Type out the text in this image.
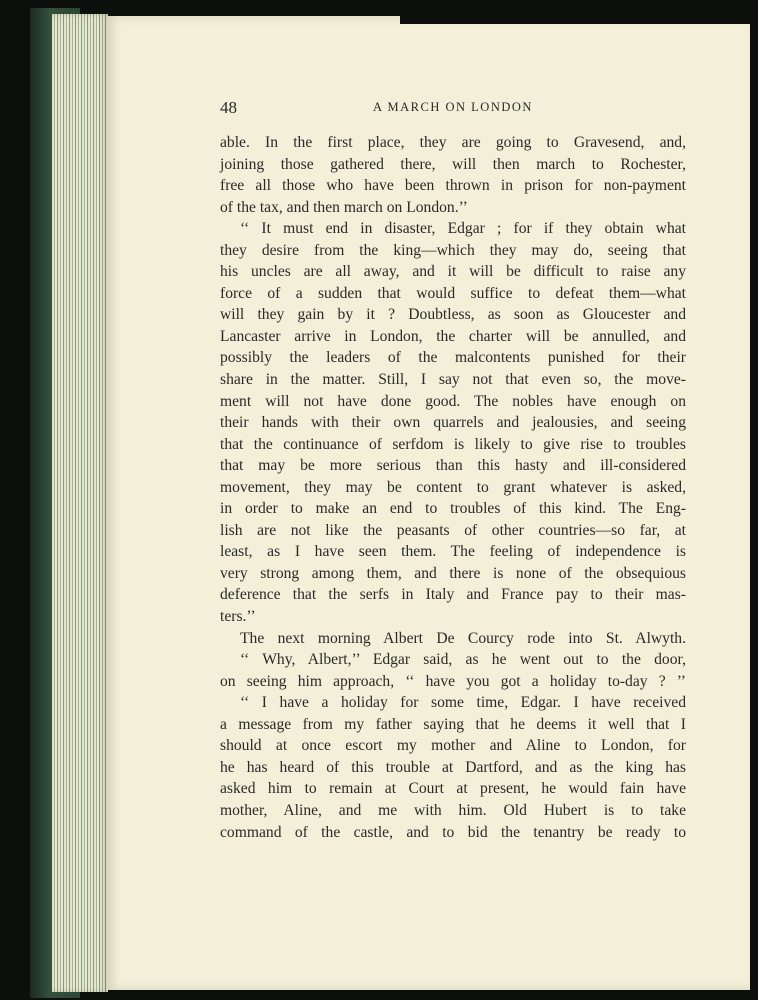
48	A MARCH ON LONDON
able. In the first place, they are going to Gravesend, and,
joining those gathered there, will then march to Rochester,
free all those who have been thrown in prison for non-payment
of the tax, and then march on London.’’
‘‘ It must end in disaster, Edgar ; for if they obtain what
they desire from the king—which they may do, seeing that
his uncles are all away, and it will be difficult to raise any
force of a sudden that would suffice to defeat them—what
will they gain by it ? Doubtless, as soon as Gloucester and
Lancaster arrive in London, the charter will be annulled, and
possibly the leaders of the malcontents punished for their
share in the matter. Still, I say not that even so, the move-
ment will not have done good. The nobles have enough on
their hands with their own quarrels and jealousies, and seeing
that the continuance of serfdom is likely to give rise to troubles
that may be more serious than this hasty and ill-considered
movement, they may be content to grant whatever is asked,
in order to make an end to troubles of this kind. The Eng-
lish are not like the peasants of other countries—so far, at
least, as I have seen them. The feeling of independence is
very strong among them, and there is none of the obsequious
deference that the serfs in Italy and France pay to their mas-
ters.’’
The next morning Albert De Courcy rode into St. Alwyth.
‘‘ Why, Albert,’’ Edgar said, as he went out to the door,
on seeing him approach, ‘‘ have you got a holiday to-day ? ’’
‘‘ I have a holiday for some time, Edgar. I have received
a message from my father saying that he deems it well that I
should at once escort my mother and Aline to London, for
he has heard of this trouble at Dartford, and as the king has
asked him to remain at Court at present, he would fain have
mother, Aline, and me with him. Old Hubert is to take
command of the castle, and to bid the tenantry be ready to
